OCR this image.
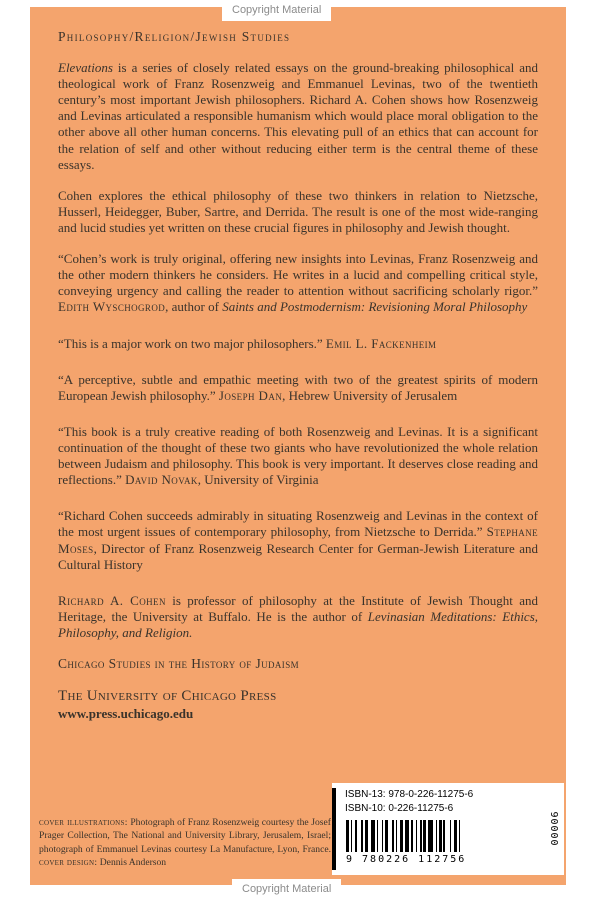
Philosophy/Religion/Jewish Studies

Elevations is a series of closely related essays on the ground-breaking philosophical and theological work of Franz Rosenzweig and Emmanuel Levinas, two of the twentieth century’s most important Jewish philosophers. Richard A. Cohen shows how Rosenzweig and Levinas articulated a responsible humanism which would place moral obligation to the other above all other human concerns. This elevating pull of an ethics that can account for the relation of self and other without reducing either term is the central theme of these essays.

Cohen explores the ethical philosophy of these two thinkers in relation to Nietzsche, Husserl, Heidegger, Buber, Sartre, and Derrida. The result is one of the most wide-ranging and lucid studies yet written on these crucial figures in philosophy and Jewish thought.

“Cohen’s work is truly original, offering new insights into Levinas, Franz Rosenzweig and the other modern thinkers he considers. He writes in a lucid and compelling critical style, conveying urgency and calling the reader to attention without sacrificing scholarly rigor.” Edith Wyschogrod, author of Saints and Postmodernism: Revisioning Moral Philosophy

“This is a major work on two major philosophers.” Emil L. Fackenheim

“A perceptive, subtle and empathic meeting with two of the greatest spirits of modern European Jewish philosophy.” Joseph Dan, Hebrew University of Jerusalem

“This book is a truly creative reading of both Rosenzweig and Levinas. It is a significant continuation of the thought of these two giants who have revolutionized the whole relation between Judaism and philosophy. This book is very important. It deserves close reading and reflections.” David Novak, University of Virginia

“Richard Cohen succeeds admirably in situating Rosenzweig and Levinas in the context of the most urgent issues of contemporary philosophy, from Nietzsche to Derrida.” Stephane Moses, Director of Franz Rosenzweig Research Center for German-Jewish Literature and Cultural History

Richard A. Cohen is professor of philosophy at the Institute of Jewish Thought and Heritage, the University at Buffalo. He is the author of Levinasian Meditations: Ethics, Philosophy, and Religion.

Chicago Studies in the History of Judaism
The University of Chicago Press
www.press.uchicago.edu
cover illustrations: Photograph of Franz Rosenzweig courtesy the Josef Prager Collection, The National and University Library, Jerusalem, Israel; photograph of Emmanuel Levinas courtesy La Manufacture, Lyon, France. cover design: Dennis Anderson
ISBN-13: 978-0-226-11275-6
ISBN-10: 0-226-11275-6
9 780226 112756
90000
Copyright Material
Copyright Material
